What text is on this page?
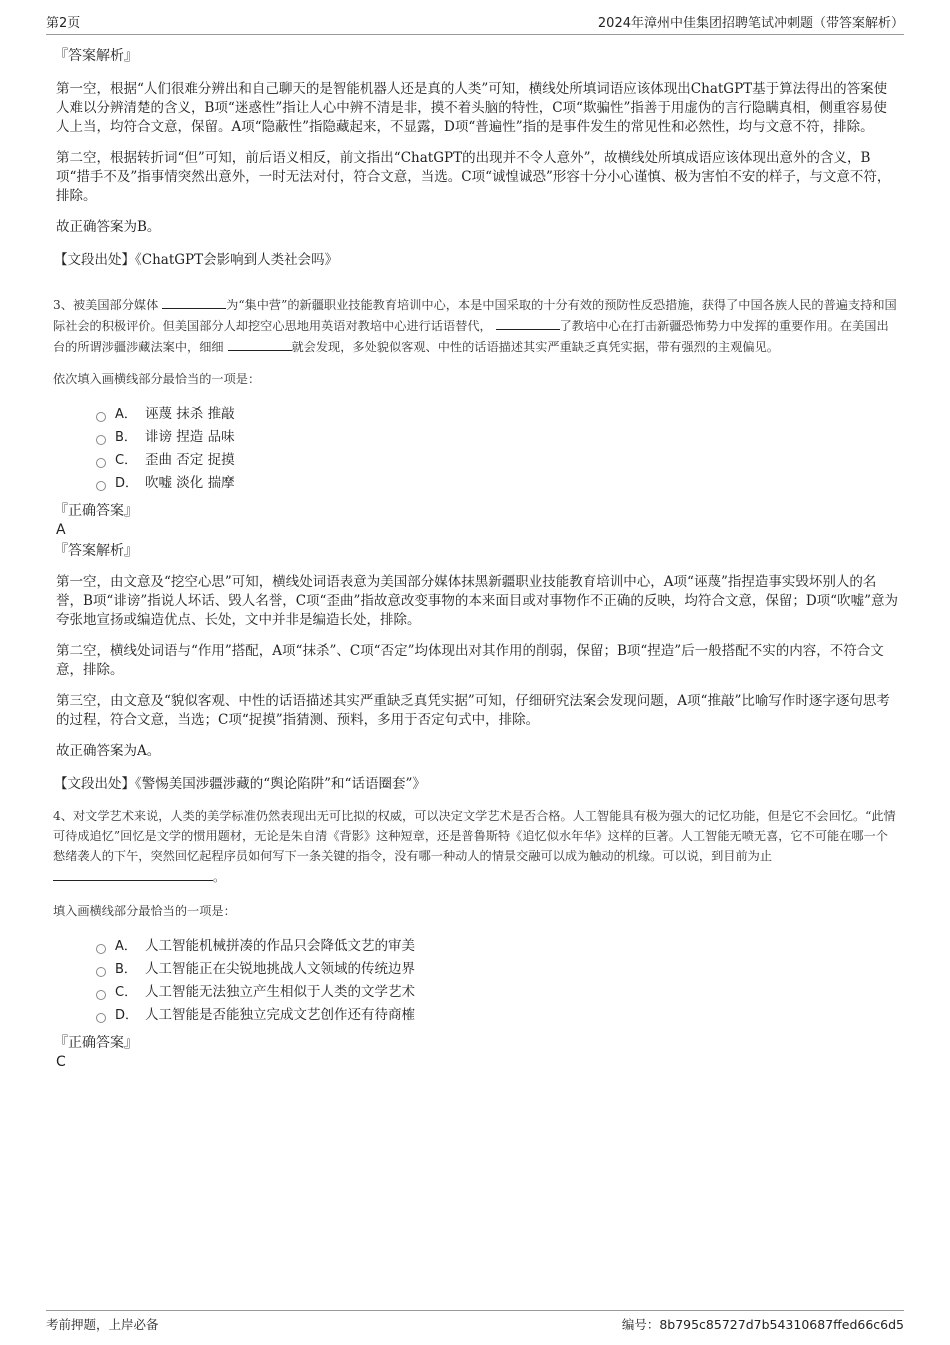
第2页	2024年漳州中佳集团招聘笔试冲刺题（带答案解析）

『答案解析』

第一空，根据“人们很难分辨出和自己聊天的是智能机器人还是真的人类”可知，横线处所填词语应该体现出ChatGPT基于算法得出的答案使人难以分辨清楚的含义，B项“迷惑性”指让人心中辨不清是非，摸不着头脑的特性，C项“欺骗性”指善于用虚伪的言行隐瞒真相，侧重容易使人上当，均符合文意，保留。A项“隐蔽性”指隐藏起来，不显露，D项“普遍性”指的是事件发生的常见性和必然性，均与文意不符，排除。

第二空，根据转折词“但”可知，前后语义相反，前文指出“ChatGPT的出现并不令人意外”，故横线处所填成语应该体现出意外的含义，B项“措手不及”指事情突然出意外，一时无法对付，符合文意，当选。C项“诚惶诚恐”形容十分小心谨慎、极为害怕不安的样子，与文意不符，排除。

故正确答案为B。

【文段出处】《ChatGPT会影响到人类社会吗》

3、被美国部分媒体	为“集中营”的新疆职业技能教育培训中心，本是中国采取的十分有效的预防性反恐措施，获得了中国各族人民的普遍支持和国际社会的积极评价。但美国部分人却挖空心思地用英语对教培中心进行话语替代，	了教培中心在打击新疆恐怖势力中发挥的重要作用。在美国出台的所谓涉疆涉藏法案中，细细	就会发现，多处貌似客观、中性的话语描述其实严重缺乏真凭实据，带有强烈的主观偏见。

依次填入画横线部分最恰当的一项是：

A． 诬蔑 抹杀 推敲
B． 诽谤 捏造 品味
C． 歪曲 否定 捉摸
D． 吹嘘 淡化 揣摩

『正确答案』

A

『答案解析』

第一空，由文意及“挖空心思”可知，横线处词语表意为美国部分媒体抹黑新疆职业技能教育培训中心，A项“诬蔑”指捏造事实毁坏别人的名誉，B项“诽谤”指说人坏话、毁人名誉，C项“歪曲”指故意改变事物的本来面目或对事物作不正确的反映，均符合文意，保留；D项“吹嘘”意为夸张地宣扬或编造优点、长处，文中并非是编造长处，排除。

第二空，横线处词语与“作用”搭配，A项“抹杀”、C项“否定”均体现出对其作用的削弱，保留；B项“捏造”后一般搭配不实的内容，不符合文意，排除。

第三空，由文意及“貌似客观、中性的话语描述其实严重缺乏真凭实据”可知，仔细研究法案会发现问题，A项“推敲”比喻写作时逐字逐句思考的过程，符合文意，当选；C项“捉摸”指猜测、预料，多用于否定句式中，排除。

故正确答案为A。

【文段出处】《警惕美国涉疆涉藏的“舆论陷阱”和“话语圈套”》

4、对文学艺术来说，人类的美学标准仍然表现出无可比拟的权威，可以决定文学艺术是否合格。人工智能具有极为强大的记忆功能，但是它不会回忆。“此情可待成追忆”回忆是文学的惯用题材，无论是朱自清《背影》这种短章，还是普鲁斯特《追忆似水年华》这样的巨著。人工智能无喷无喜，它不可能在哪一个愁绪袭人的下午，突然回忆起程序员如何写下一条关键的指令，没有哪一种动人的情景交融可以成为触动的机缘。可以说，到目前为止 。

填入画横线部分最恰当的一项是：

A． 人工智能机械拼凑的作品只会降低文艺的审美
B． 人工智能正在尖锐地挑战人文领域的传统边界
C． 人工智能无法独立产生相似于人类的文学艺术
D． 人工智能是否能独立完成文艺创作还有待商榷

『正确答案』

C

考前押题，上岸必备	编号：8b795c85727d7b54310687ffed66c6d5
